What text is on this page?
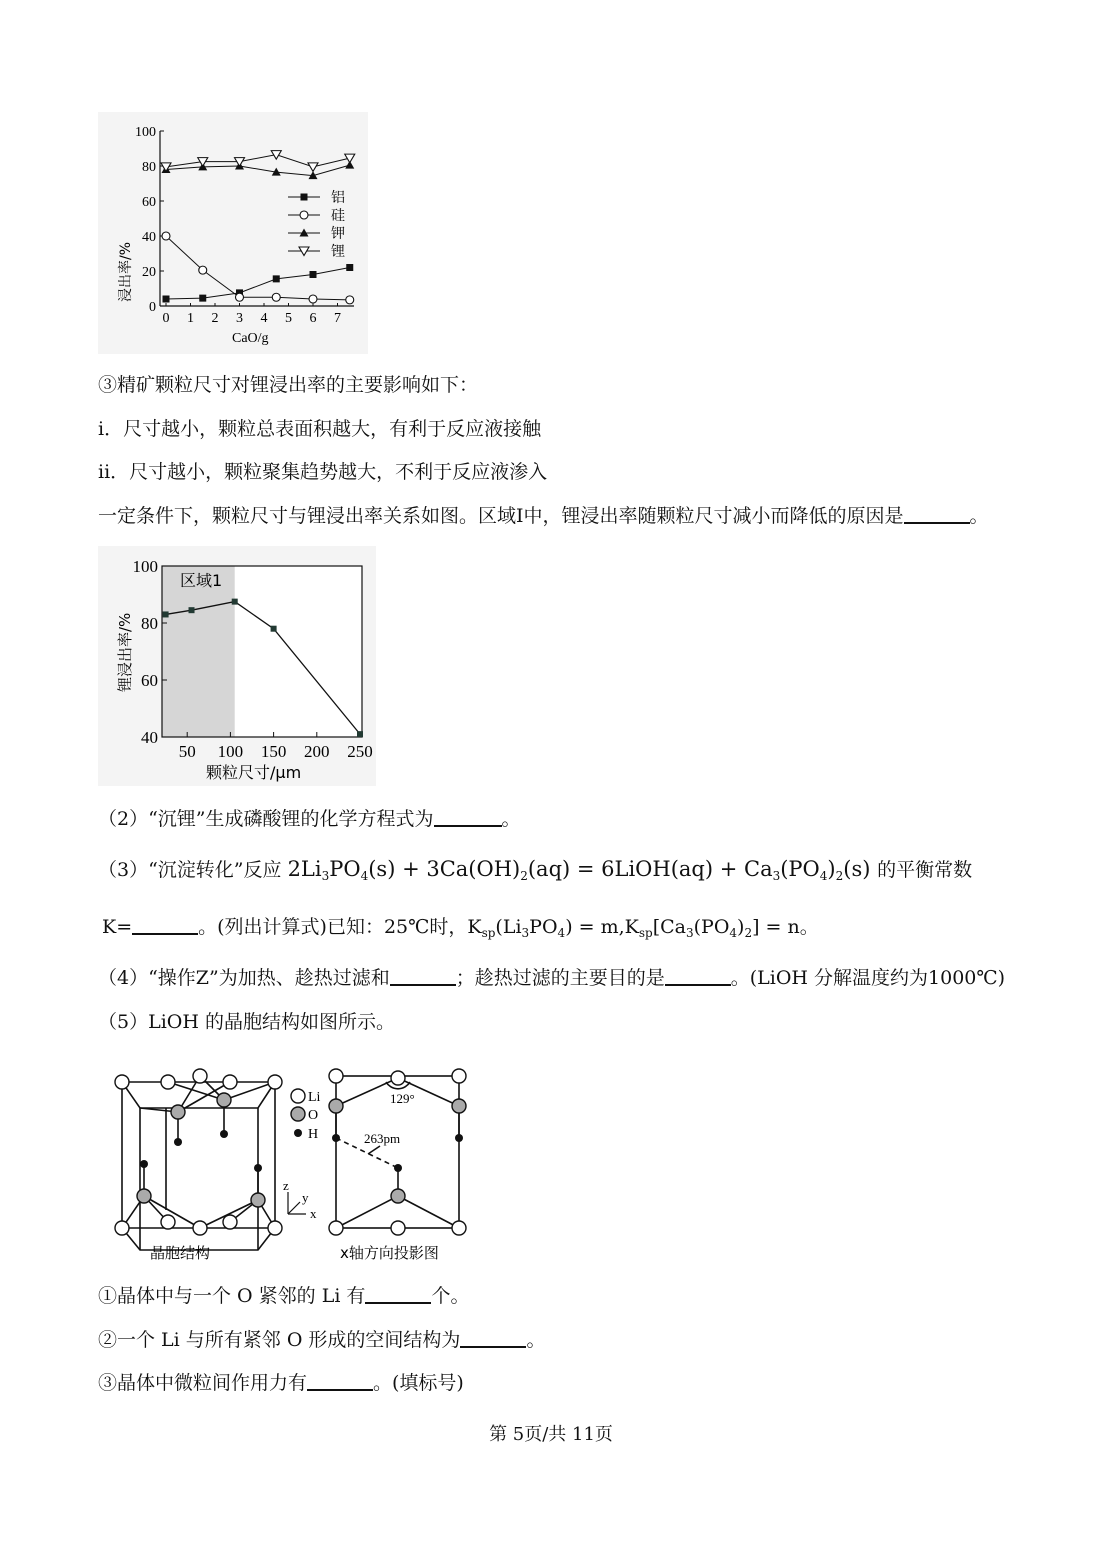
0
20
40
60
80
100
0 1 2 3 4 5 6 7
铝
硅
钾
锂
浸出率/%
CaO/g
③精矿颗粒尺寸对锂浸出率的主要影响如下：
i．尺寸越小，颗粒总表面积越大，有利于反应液接触
ii．尺寸越小，颗粒聚集趋势越大，不利于反应液渗入
一定条件下，颗粒尺寸与锂浸出率关系如图。区域Ⅰ中，锂浸出率随颗粒尺寸减小而降低的原因是	。
40
60
80
100
50 100 150 200 250
区域1
锂浸出率/%
颗粒尺寸/μm
（2）“沉锂”生成磷酸锂的化学方程式为	。
（3）“沉淀转化”反应 $2Li_3PO_4(s) + 3Ca(OH)_2(aq)$ = 6LiOH(aq) + $Ca_3(PO_4)_2(s)$ 的平衡常数
K=	。(列出计算式)已知：25℃时，$K_{sp}(Li_3PO_4) = m,K_{sp}[Ca_3(PO_4)_2] = n$。
（4）“操作Z”为加热、趁热过滤和	；趁热过滤的主要目的是	。(LiOH 分解温度约为1000℃)
（5）LiOH 的晶胞结构如图所示。
z
y
x
Li
O
H
129°
263pm
晶胞结构	x轴方向投影图
①晶体中与一个 O 紧邻的 Li 有	个。
②一个 Li 与所有紧邻 O 形成的空间结构为	。
③晶体中微粒间作用力有	。(填标号)
第 5页/共 11页
